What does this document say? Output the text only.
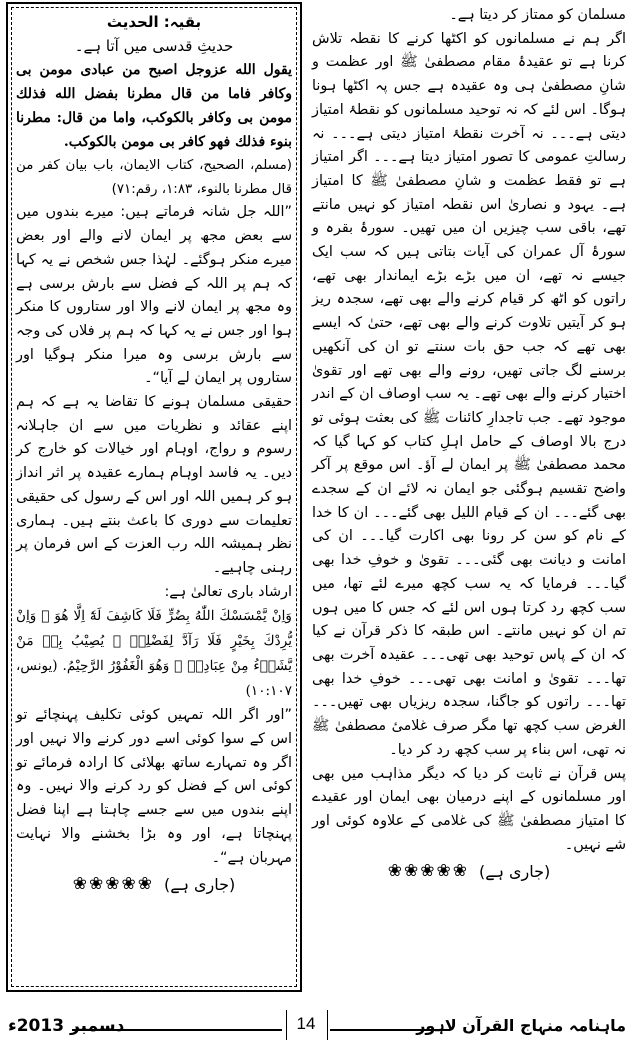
مسلمان کو ممتاز کر دیتا ہے۔

اگر ہم نے مسلمانوں کو اکٹھا کرنے کا نقطہ تلاش کرنا ہے تو عقیدۂ مقام مصطفیٰ ﷺ اور عظمت و شانِ مصطفیٰ ہی وہ عقیدہ ہے جس پہ اکٹھا ہونا ہوگا۔ اس لئے کہ نہ توحید مسلمانوں کو نقطۂ امتیاز دیتی ہے۔۔۔ نہ آخرت نقطۂ امتیاز دیتی ہے۔۔۔ نہ رسالتِ عمومی کا تصور امتیاز دیتا ہے۔۔۔ اگر امتیاز ہے تو فقط عظمت و شانِ مصطفیٰ ﷺ کا امتیاز ہے۔ یہود و نصاریٰ اس نقطہ امتیاز کو نہیں مانتے تھے، باقی سب چیزیں ان میں تھیں۔ سورۂ بقرہ و سورۂ آل عمران کی آیات بتاتی ہیں کہ سب ایک جیسے نہ تھے، ان میں بڑے بڑے ایماندار بھی تھے، راتوں کو اٹھ کر قیام کرنے والے بھی تھے، سجدہ ریز ہو کر آیتیں تلاوت کرنے والے بھی تھے، حتیٰ کہ ایسے بھی تھے کہ جب حق بات سنتے تو ان کی آنکھیں برسنے لگ جاتی تھیں، رونے والے بھی تھے اور تقویٰ اختیار کرنے والے بھی تھے۔ یہ سب اوصاف ان کے اندر موجود تھے۔ جب تاجدارِ کائنات ﷺ کی بعثت ہوئی تو درج بالا اوصاف کے حامل اہلِ کتاب کو کہا گیا کہ محمد مصطفیٰ ﷺ پر ایمان لے آؤ۔ اس موقع پر آکر واضح تقسیم ہوگئی جو ایمان نہ لائے ان کے سجدے بھی گئے۔۔۔ ان کے قیام اللیل بھی گئے۔۔۔ ان کا خدا کے نام کو سن کر رونا بھی اکارت گیا۔۔۔ ان کی امانت و دیانت بھی گئی۔۔۔ تقویٰ و خوفِ خدا بھی گیا۔۔۔ فرمایا کہ یہ سب کچھ میرے لئے تھا، میں سب کچھ رد کرتا ہوں اس لئے کہ جس کا میں ہوں تم ان کو نہیں مانتے۔ اس طبقہ کا ذکر قرآن نے کیا کہ ان کے پاس توحید بھی تھی۔۔۔ عقیدہ آخرت بھی تھا۔۔۔ تقویٰ و امانت بھی تھی۔۔۔ خوفِ خدا بھی تھا۔۔۔ راتوں کو جاگنا، سجدہ ریزیاں بھی تھیں۔۔۔ الغرض سب کچھ تھا مگر صرف غلامیٔ مصطفیٰ ﷺ نہ تھی، اس بناء پر سب کچھ رد کر دیا۔

پس قرآن نے ثابت کر دیا کہ دیگر مذاہب میں بھی اور مسلمانوں کے اپنے درمیان بھی ایمان اور عقیدے کا امتیاز مصطفیٰ ﷺ کی غلامی کے علاوہ کوئی اور شے نہیں۔

(جاری ہے)
❀❀❀❀❀

بقیہ: الحدیث

حدیثِ قدسی میں آتا ہے۔

يقول الله عزوجل اصبح من عبادی مومن بی وكافر فاما من قال مطرنا بفضل الله فذلك مومن بی وكافر بالكوكب، واما من قال: مطرنا بنوء فذلك فهو كافر بی مومن بالكوكب.

(مسلم، الصحیح، کتاب الایمان، باب بیان کفر من قال مطرنا بالنوء، ۱:۸۳، رقم:۷۱)

”اللہ جل شانہ فرماتے ہیں: میرے بندوں میں سے بعض مجھ پر ایمان لانے والے اور بعض میرے منکر ہوگئے۔ لہٰذا جس شخص نے یہ کہا کہ ہم پر اللہ کے فضل سے بارش برسی ہے وہ مجھ پر ایمان لانے والا اور ستاروں کا منکر ہوا اور جس نے یہ کہا کہ ہم پر فلاں کی وجہ سے بارش برسی وہ میرا منکر ہوگیا اور ستاروں پر ایمان لے آیا“۔

حقیقی مسلمان ہونے کا تقاضا یہ ہے کہ ہم اپنے عقائد و نظریات میں سے ان جاہلانہ رسوم و رواج، اوہام اور خیالات کو خارج کر دیں۔ یہ فاسد اوہام ہمارے عقیدہ پر اثر انداز ہو کر ہمیں اللہ اور اس کے رسول کی حقیقی تعلیمات سے دوری کا باعث بنتے ہیں۔ ہماری نظر ہمیشہ اللہ رب العزت کے اس فرمان پر رہنی چاہیے۔

ارشاد باری تعالیٰ ہے:

وَاِنْ يَّمْسَسْكَ اللّٰهُ بِضُرٍّ فَلَا كَاشِفَ لَهٗٓ اِلَّا هُوَ ۚ وَاِنْ يُّرِدْكَ بِخَيْرٍ فَلَا رَآدَّ لِفَضْلِهٖ ۭ يُصِيْبُ بِهٖ مَنْ يَّشَاۗءُ مِنْ عِبَادِهٖ ۭ وَهُوَ الْغَفُوْرُ الرَّحِيْمُ. (یونس، ۱۰:۱۰۷)

”اور اگر اللہ تمہیں کوئی تکلیف پہنچائے تو اس کے سوا کوئی اسے دور کرنے والا نہیں اور اگر وہ تمہارے ساتھ بھلائی کا ارادہ فرمائے تو کوئی اس کے فضل کو رد کرنے والا نہیں۔ وہ اپنے بندوں میں سے جسے چاہتا ہے اپنا فضل پہنچاتا ہے، اور وہ بڑا بخشنے والا نہایت مہربان ہے“۔

(جاری ہے)
❀❀❀❀❀
دسمبر 2013ء	14	ماہنامہ منہاج القرآن لاہور
